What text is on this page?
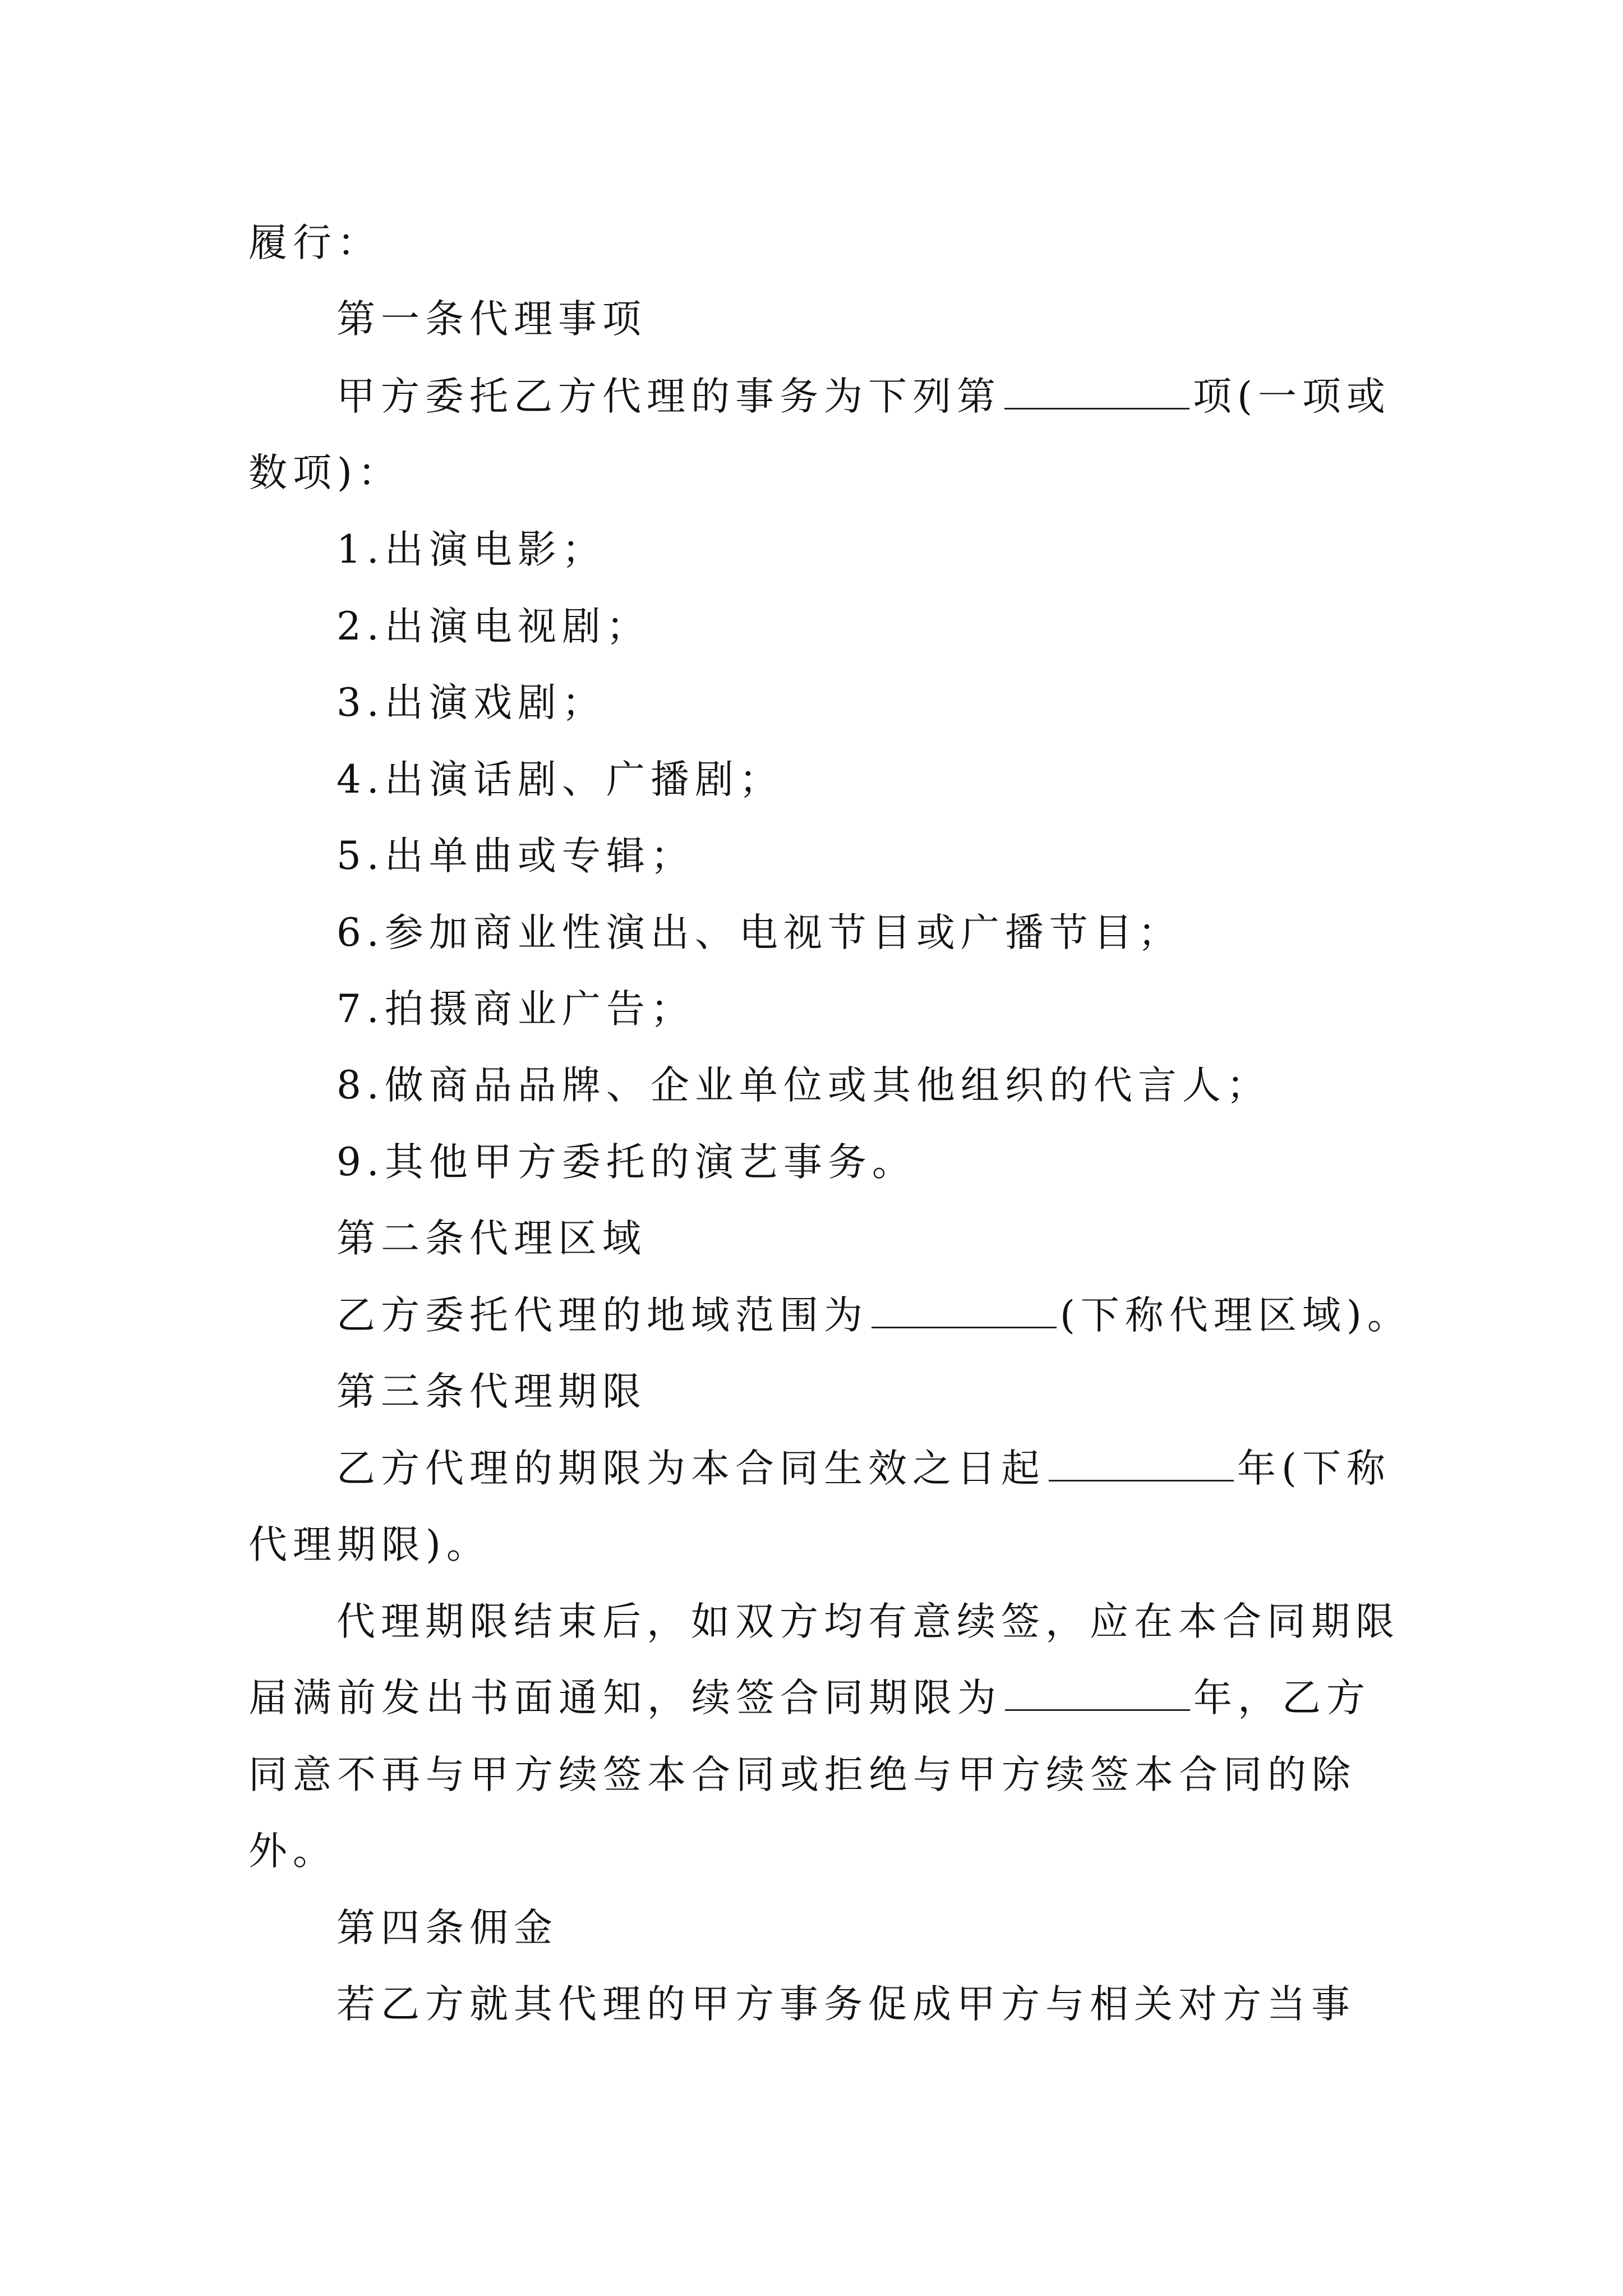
履行：
第一条代理事项
甲方委托乙方代理的事务为下列第	项(一项或
数项)：
1.出演电影；
2.出演电视剧；
3.出演戏剧；
4.出演话剧、广播剧；
5.出单曲或专辑；
6.参加商业性演出、电视节目或广播节目；
7.拍摄商业广告；
8.做商品品牌、企业单位或其他组织的代言人；
9.其他甲方委托的演艺事务。
第二条代理区域
乙方委托代理的地域范围为	(下称代理区域)。
第三条代理期限
乙方代理的期限为本合同生效之日起	年(下称
代理期限)。
代理期限结束后，如双方均有意续签，应在本合同期限
届满前发出书面通知，续签合同期限为	年，乙方
同意不再与甲方续签本合同或拒绝与甲方续签本合同的除
外。
第四条佣金
若乙方就其代理的甲方事务促成甲方与相关对方当事
